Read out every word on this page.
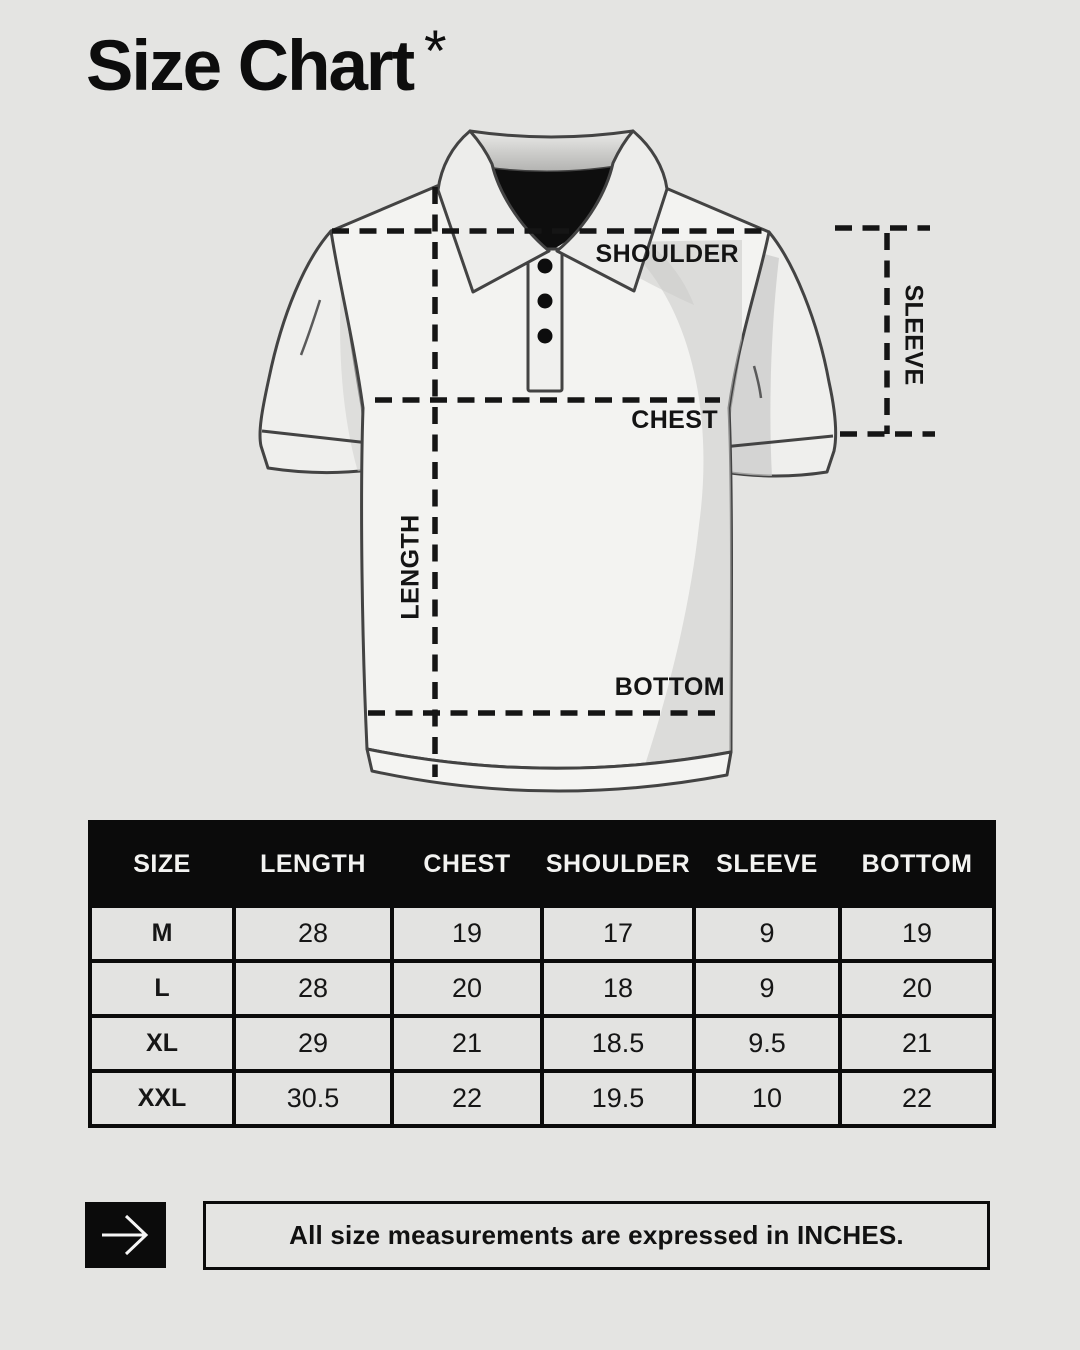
Size Chart *
SHOULDER
CHEST
LENGTH
BOTTOM
SLEEVE
SIZE	LENGTH	CHEST	SHOULDER	SLEEVE	BOTTOM
M	28	19	17	9	19
L	28	20	18	9	20
XL	29	21	18.5	9.5	21
XXL	30.5	22	19.5	10	22
All size measurements are expressed in INCHES.
